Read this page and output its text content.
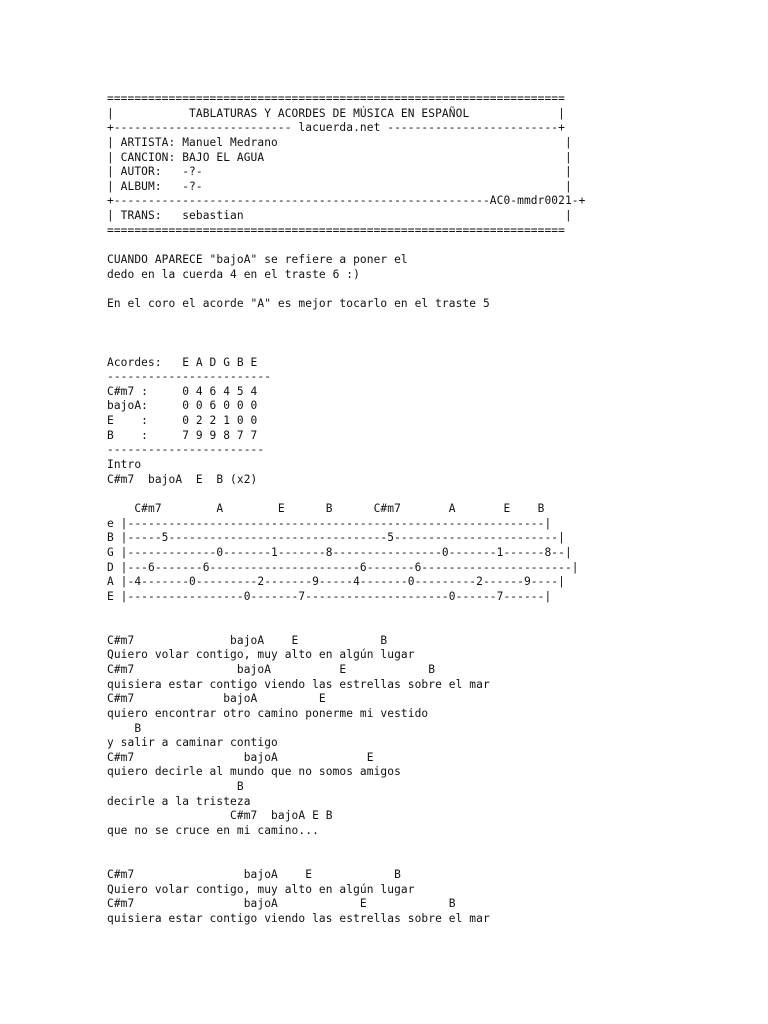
===================================================================
|           TABLATURAS Y ACORDES DE MÚSICA EN ESPAÑOL             |
+-------------------------- lacuerda.net -------------------------+
| ARTISTA: Manuel Medrano                                          |
| CANCION: BAJO EL AGUA                                            |
| AUTOR:   -?-                                                     |
| ALBUM:   -?-                                                     |
+-------------------------------------------------------AC0-mmdr0021-+
| TRANS:   sebastian                                               |
===================================================================
CUANDO APARECE "bajoA" se refiere a poner el
dedo en la cuerda 4 en el traste 6 :)
En el coro el acorde "A" es mejor tocarlo en el traste 5
Acordes:   E A D G B E
------------------------
C#m7 :     0 4 6 4 5 4
bajoA:     0 0 6 0 0 0
E    :     0 2 2 1 0 0
B    :     7 9 9 8 7 7
-----------------------
Intro
C#m7  bajoA  E  B (x2)
C#m7        A        E      B      C#m7       A       E    B
e |-------------------------------------------------------------|
B |-----5--------------------------------5------------------------|
G |-------------0-------1-------8----------------0-------1------8--|
D |---6-------6----------------------6-------6----------------------|
A |-4-------0---------2-------9-----4-------0---------2------9----|
E |-----------------0-------7---------------------0------7------|
C#m7              bajoA    E            B
Quiero volar contigo, muy alto en algún lugar
C#m7               bajoA          E            B
quisiera estar contigo viendo las estrellas sobre el mar
C#m7             bajoA         E
quiero encontrar otro camino ponerme mi vestido
B
y salir a caminar contigo
C#m7                bajoA             E
quiero decirle al mundo que no somos amigos
B
decirle a la tristeza
C#m7  bajoA E B
que no se cruce en mi camino...
C#m7                bajoA    E            B
Quiero volar contigo, muy alto en algún lugar
C#m7                bajoA            E            B
quisiera estar contigo viendo las estrellas sobre el mar
